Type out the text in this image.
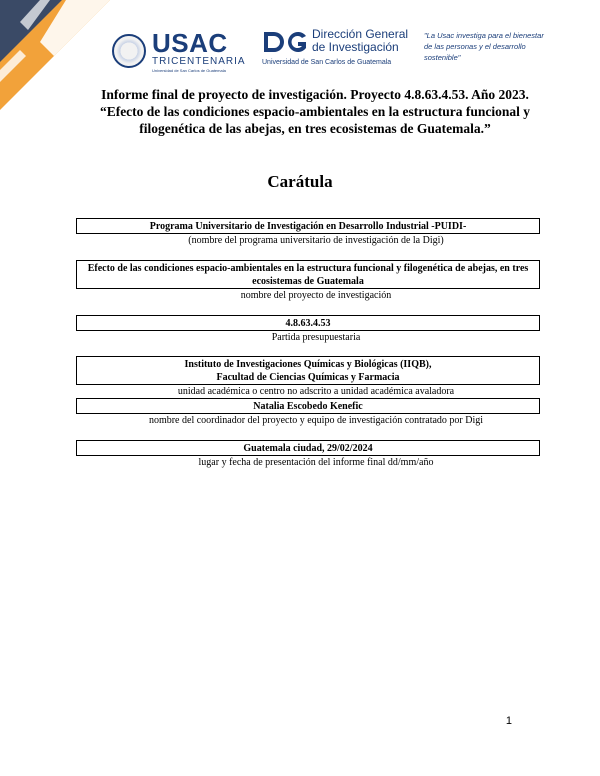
USAC
TRICENTENARIA
Universidad de San Carlos de Guatemala
Dirección General
de Investigación
Universidad de San Carlos de Guatemala
"La Usac investiga para el bienestar de las personas y el desarrollo sostenible"
Informe final de proyecto de investigación. Proyecto 4.8.63.4.53. Año 2023.
“Efecto de las condiciones espacio-ambientales en la estructura funcional y
filogenética de las abejas, en tres ecosistemas de Guatemala.”
Carátula
Programa Universitario de Investigación en Desarrollo Industrial -PUIDI-
(nombre del programa universitario de investigación de la Digi)
Efecto de las condiciones espacio-ambientales en la estructura funcional y filogenética de abejas, en tres ecosistemas de Guatemala
nombre del proyecto de investigación
4.8.63.4.53
Partida presupuestaria
Instituto de Investigaciones Químicas y Biológicas (IIQB),
Facultad de Ciencias Químicas y Farmacia
unidad académica o centro no adscrito a unidad académica avaladora
Natalia Escobedo Kenefic
nombre del coordinador del proyecto y equipo de investigación contratado por Digi
Guatemala ciudad, 29/02/2024
lugar y fecha de presentación del informe final dd/mm/año
1
